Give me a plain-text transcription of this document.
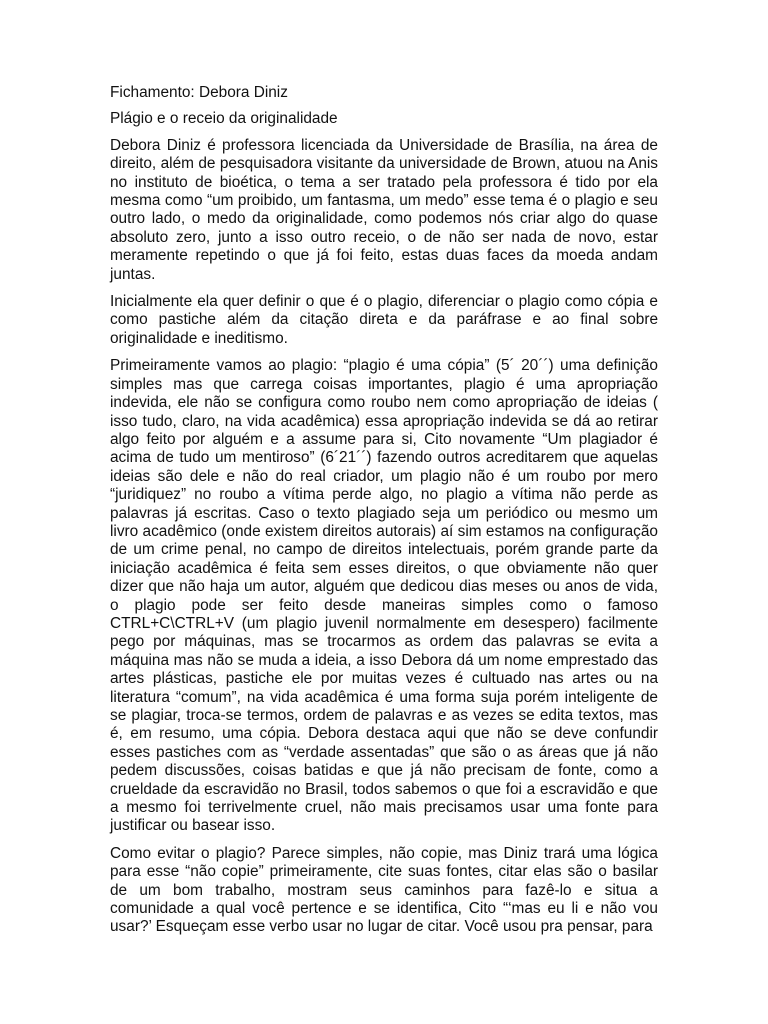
Fichamento: Debora Diniz

Plágio e o receio da originalidade

Debora Diniz é professora licenciada da Universidade de Brasília, na área de direito, além de pesquisadora visitante da universidade de Brown, atuou na Anis no instituto de bioética, o tema a ser tratado pela professora é tido por ela mesma como “um proibido, um fantasma, um medo” esse tema é o plagio e seu outro lado, o medo da originalidade, como podemos nós criar algo do quase absoluto zero, junto a isso outro receio, o de não ser nada de novo, estar meramente repetindo o que já foi feito, estas duas faces da moeda andam juntas.

Inicialmente ela quer definir o que é o plagio, diferenciar o plagio como cópia e como pastiche além da citação direta e da paráfrase e ao final sobre originalidade e ineditismo.

Primeiramente vamos ao plagio: “plagio é uma cópia” (5´ 20´´) uma definição simples mas que carrega coisas importantes, plagio é uma apropriação indevida, ele não se configura como roubo nem como apropriação de ideias ( isso tudo, claro, na vida acadêmica) essa apropriação indevida se dá ao retirar algo feito por alguém e a assume para si, Cito novamente “Um plagiador é acima de tudo um mentiroso” (6´21´´) fazendo outros acreditarem que aquelas ideias são dele e não do real criador, um plagio não é um roubo por mero “juridiquez” no roubo a vítima perde algo, no plagio a vítima não perde as palavras já escritas. Caso o texto plagiado seja um periódico ou mesmo um livro acadêmico (onde existem direitos autorais) aí sim estamos na configuração de um crime penal, no campo de direitos intelectuais, porém grande parte da iniciação acadêmica é feita sem esses direitos, o que obviamente não quer dizer que não haja um autor, alguém que dedicou dias meses ou anos de vida, o plagio pode ser feito desde maneiras simples como o famoso CTRL+C\CTRL+V (um plagio juvenil normalmente em desespero) facilmente pego por máquinas, mas se trocarmos as ordem das palavras se evita a máquina mas não se muda a ideia, a isso Debora dá um nome emprestado das artes plásticas, pastiche ele por muitas vezes é cultuado nas artes ou na literatura “comum”, na vida acadêmica é uma forma suja porém inteligente de se plagiar, troca-se termos, ordem de palavras e as vezes se edita textos, mas é, em resumo, uma cópia. Debora destaca aqui que não se deve confundir esses pastiches com as “verdade assentadas” que são o as áreas que já não pedem discussões, coisas batidas e que já não precisam de fonte, como a crueldade da escravidão no Brasil, todos sabemos o que foi a escravidão e que a mesmo foi terrivelmente cruel, não mais precisamos usar uma fonte para justificar ou basear isso.

Como evitar o plagio? Parece simples, não copie, mas Diniz trará uma lógica para esse “não copie” primeiramente, cite suas fontes, citar elas são o basilar de um bom trabalho, mostram seus caminhos para fazê-lo e situa a comunidade a qual você pertence e se identifica, Cito “‘mas eu li e não vou usar?’ Esqueçam esse verbo usar no lugar de citar. Você usou pra pensar, para
